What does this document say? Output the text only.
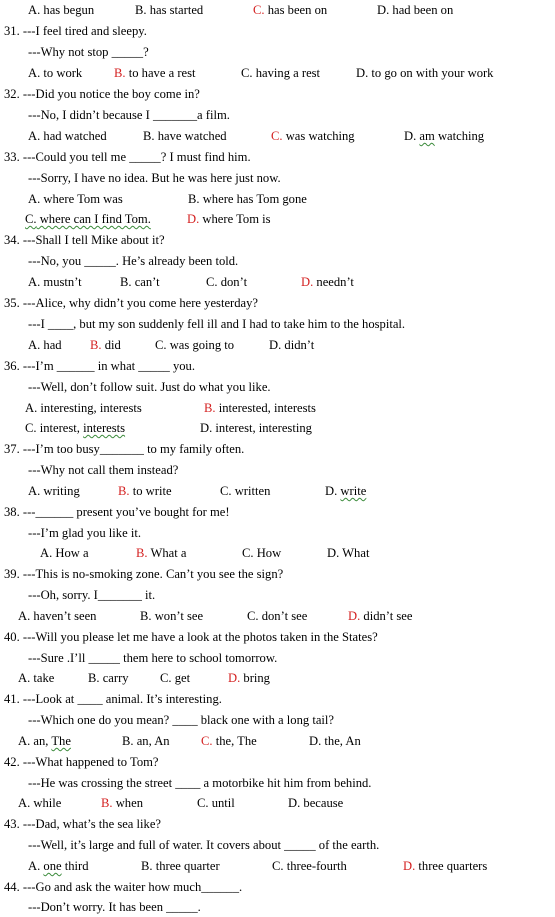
A. has begun	B. has started	C. has been on	D. had been on
31. ---I feel tired and sleepy.
---Why not stop _____?
A. to work	B. to have a rest	C. having a rest	D. to go on with your work
32. ---Did you notice the boy come in?
---No, I didn’t because I _______a film.
A. had watched	B. have watched	C. was watching	D. am watching
33. ---Could you tell me _____? I must find him.
---Sorry, I have no idea. But he was here just now.
A. where Tom was	B. where has Tom gone
C. where can I find Tom.	D. where Tom is
34. ---Shall I tell Mike about it?
---No, you _____. He’s already been told.
A. mustn’t	B. can’t	C. don’t	D. needn’t
35. ---Alice, why didn’t you come here yesterday?
---I ____, but my son suddenly fell ill and I had to take him to the hospital.
A. had B. did	C. was going to	D. didn’t
36. ---I’m ______ in what _____ you.
---Well, don’t follow suit. Just do what you like.
A. interesting, interests	B. interested, interests
C. interest, interests	D. interest, interesting
37. ---I’m too busy_______ to my family often.
---Why not call them instead?
A. writing	B. to write	C. written	D. write
38. ---______ present you’ve bought for me!
---I’m glad you like it.
A. How a	B. What a	C. How	D. What
39. ---This is no-smoking zone. Can’t you see the sign?
---Oh, sorry. I_______ it.
A. haven’t seen	B. won’t see	C. don’t see	D. didn’t see
40. ---Will you please let me have a look at the photos taken in the States?
---Sure .I’ll _____ them here to school tomorrow.
A. take	B. carry C. get	D. bring
41. ---Look at ____ animal. It’s interesting.
---Which one do you mean? ____ black one with a long tail?
A. an, The	B. an, An C. the, The	D. the, An
42. ---What happened to Tom?
---He was crossing the street ____ a motorbike hit him from behind.
A. while	B. when	C. until	D. because
43. ---Dad, what’s the sea like?
---Well, it’s large and full of water. It covers about _____ of the earth.
A. one third	B. three quarter	C. three-fourth	D. three quarters
44. ---Go and ask the waiter how much______.
---Don’t worry. It has been _____.
